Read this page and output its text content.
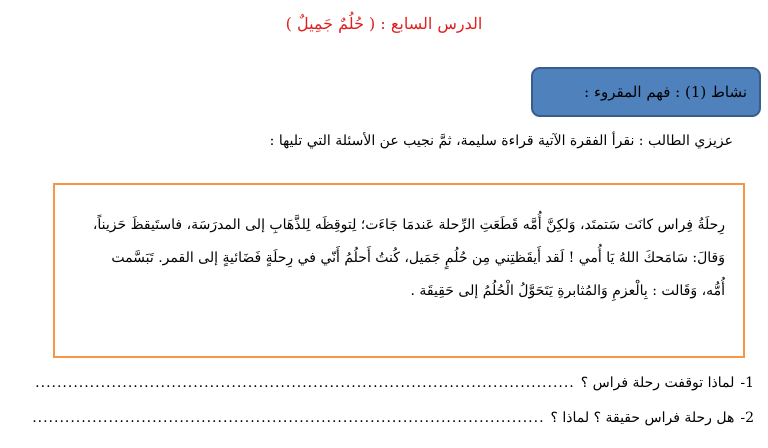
الدرس السابع : ( حُلُمٌ جَمِيلٌ )
نشاط (1) : فهم المقروء :
عزيزي الطالب : نقرأ الفقرة الآتية قراءة سليمة، ثمَّ نجيب عن الأسئلة التي تليها :
رِحلَةُ فِراس كانَت سَتمتَد، وَلكِنَّ أُمَّه قَطَعَتِ الرِّحلة عَندمَا جَاءَت؛ لِتوقِظَه لِلذَّهَابِ إلى المدرَسَة، فاستَيقظَ حَزيناً،
وَقالَ: سَامَحكَ اللهُ يَا أُمي ! لَقد أَيقَظتِني مِن حُلُمٍ جَمَيل، كُنتُ أَحلُمُ أَنّي في رِحلَةٍ فَضَائيةٍ إلى القمر. تَبَسَّمت
أُمُّه، وَقَالت : بِالْعزمِ وَالمُثابرةِ يَتَحَوَّلُ الْحُلُمُ إلى حَقِيقَة .
1-
لماذا توقفت رحلة فراس ؟
...................................................................................................
2-
هل رحلة فراس حقيقة ؟ لماذا ؟
..............................................................................................
